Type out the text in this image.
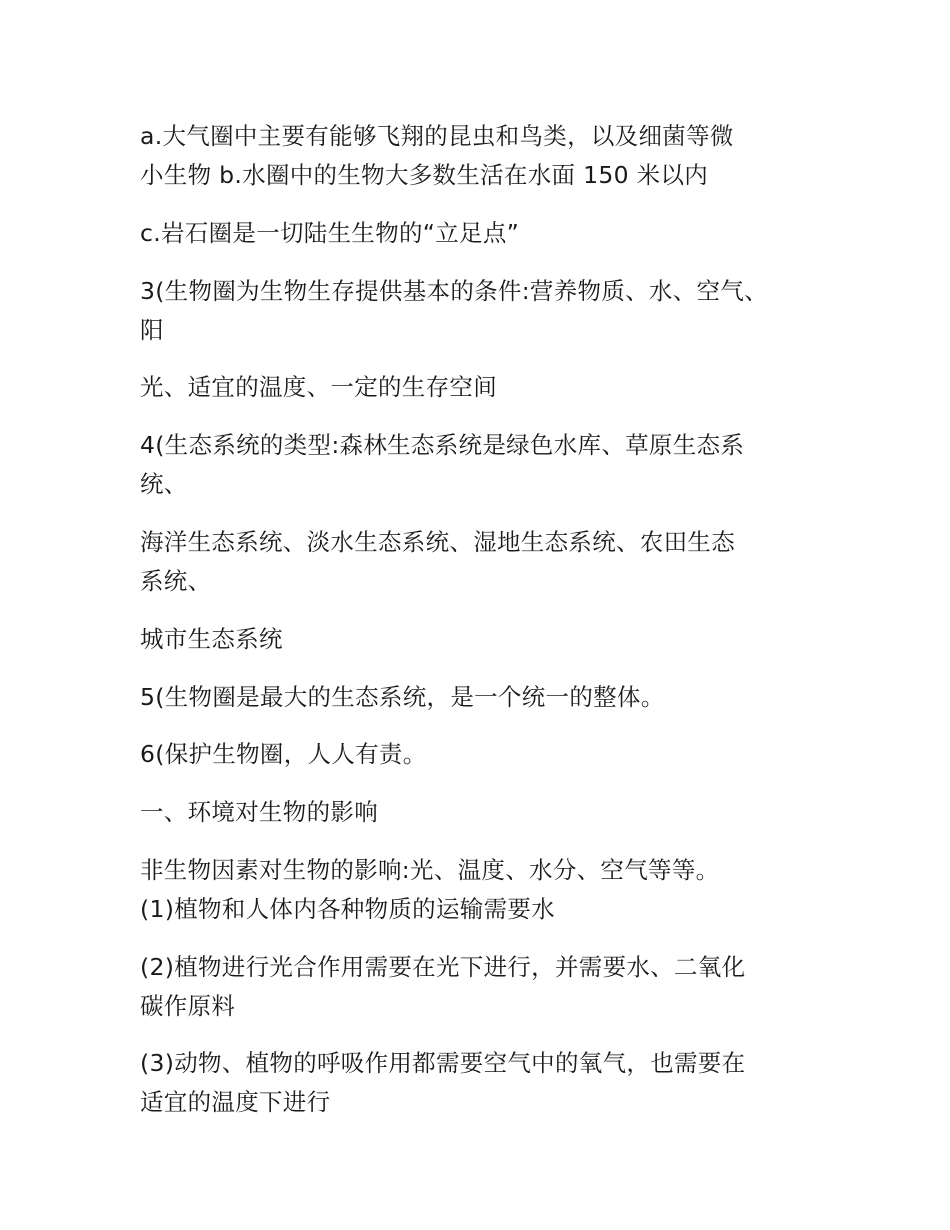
a.大气圈中主要有能够飞翔的昆虫和鸟类，以及细菌等微
小生物 b.水圈中的生物大多数生活在水面 150 米以内
c.岩石圈是一切陆生生物的“立足点”
3(生物圈为生物生存提供基本的条件:营养物质、水、空气、
阳
光、适宜的温度、一定的生存空间
4(生态系统的类型:森林生态系统是绿色水库、草原生态系
统、
海洋生态系统、淡水生态系统、湿地生态系统、农田生态
系统、
城市生态系统
5(生物圈是最大的生态系统，是一个统一的整体。
6(保护生物圈，人人有责。
一、环境对生物的影响
非生物因素对生物的影响:光、温度、水分、空气等等。
(1)植物和人体内各种物质的运输需要水
(2)植物进行光合作用需要在光下进行，并需要水、二氧化
碳作原料
(3)动物、植物的呼吸作用都需要空气中的氧气，也需要在
适宜的温度下进行
